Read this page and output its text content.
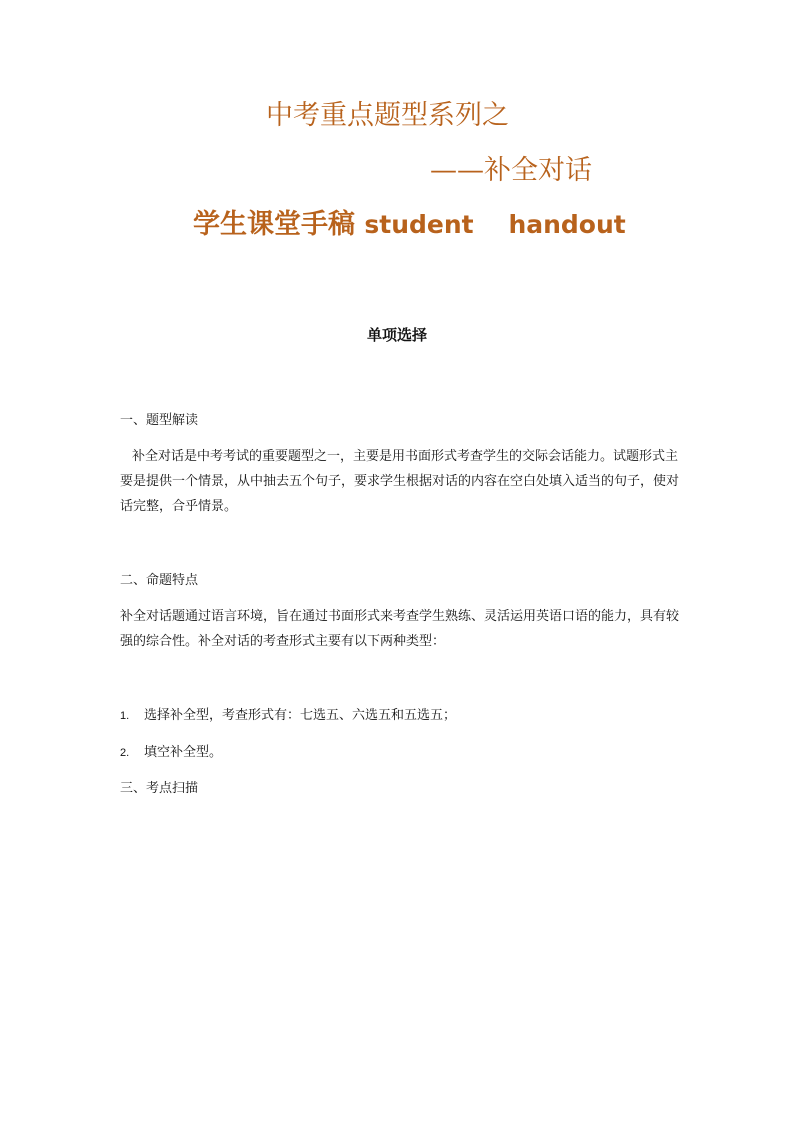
中考重点题型系列之
——补全对话
学生课堂手稿 student    handout
单项选择
一、题型解读
补全对话是中考考试的重要题型之一，主要是用书面形式考查学生的交际会话能力。试题形式主要是提供一个情景，从中抽去五个句子，要求学生根据对话的内容在空白处填入适当的句子，使对话完整，合乎情景。
二、命题特点
补全对话题通过语言环境，旨在通过书面形式来考查学生熟练、灵活运用英语口语的能力，具有较强的综合性。补全对话的考查形式主要有以下两种类型：
1. 选择补全型，考查形式有：七选五、六选五和五选五；
2. 填空补全型。
三、考点扫描
